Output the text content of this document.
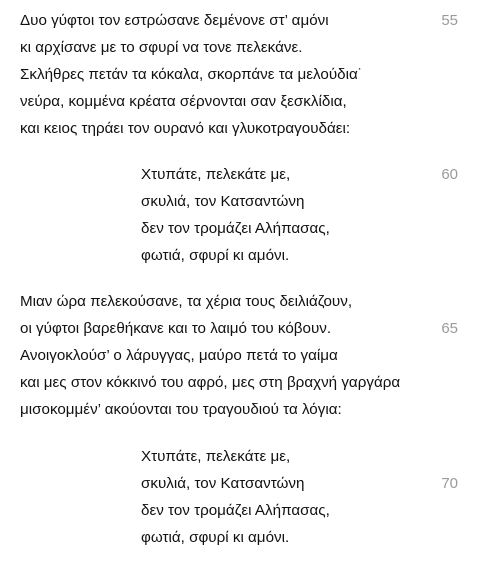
Δυο γύφτοι τον εστρώσανε δεμένονε στ’ αμόνι	55
κι αρχίσανε με το σφυρί να τονε πελεκάνε.
Σκλήθρες πετάν τα κόκαλα, σκορπάνε τα μελούδια˙
νεύρα, κομμένα κρέατα σέρνονται σαν ξεσκλίδια,
και κειος τηράει τον ουρανό και γλυκοτραγουδάει:
Χτυπάτε, πελεκάτε με,	60
σκυλιά, τον Κατσαντώνη
δεν τον τρομάζει Αλήπασας,
φωτιά, σφυρί κι αμόνι.
Μιαν ώρα πελεκούσανε, τα χέρια τους δειλιάζουν,
οι γύφτοι βαρεθήκανε και το λαιμό του κόβουν.	65
Ανοιγοκλούσ’ ο λάρυγγας, μαύρο πετά το γαίμα
και μες στον κόκκινό του αφρό, μες στη βραχνή γαργάρα
μισοκομμέν’ ακούονται του τραγουδιού τα λόγια:
Χτυπάτε, πελεκάτε με,
σκυλιά, τον Κατσαντώνη	70
δεν τον τρομάζει Αλήπασας,
φωτιά, σφυρί κι αμόνι.
